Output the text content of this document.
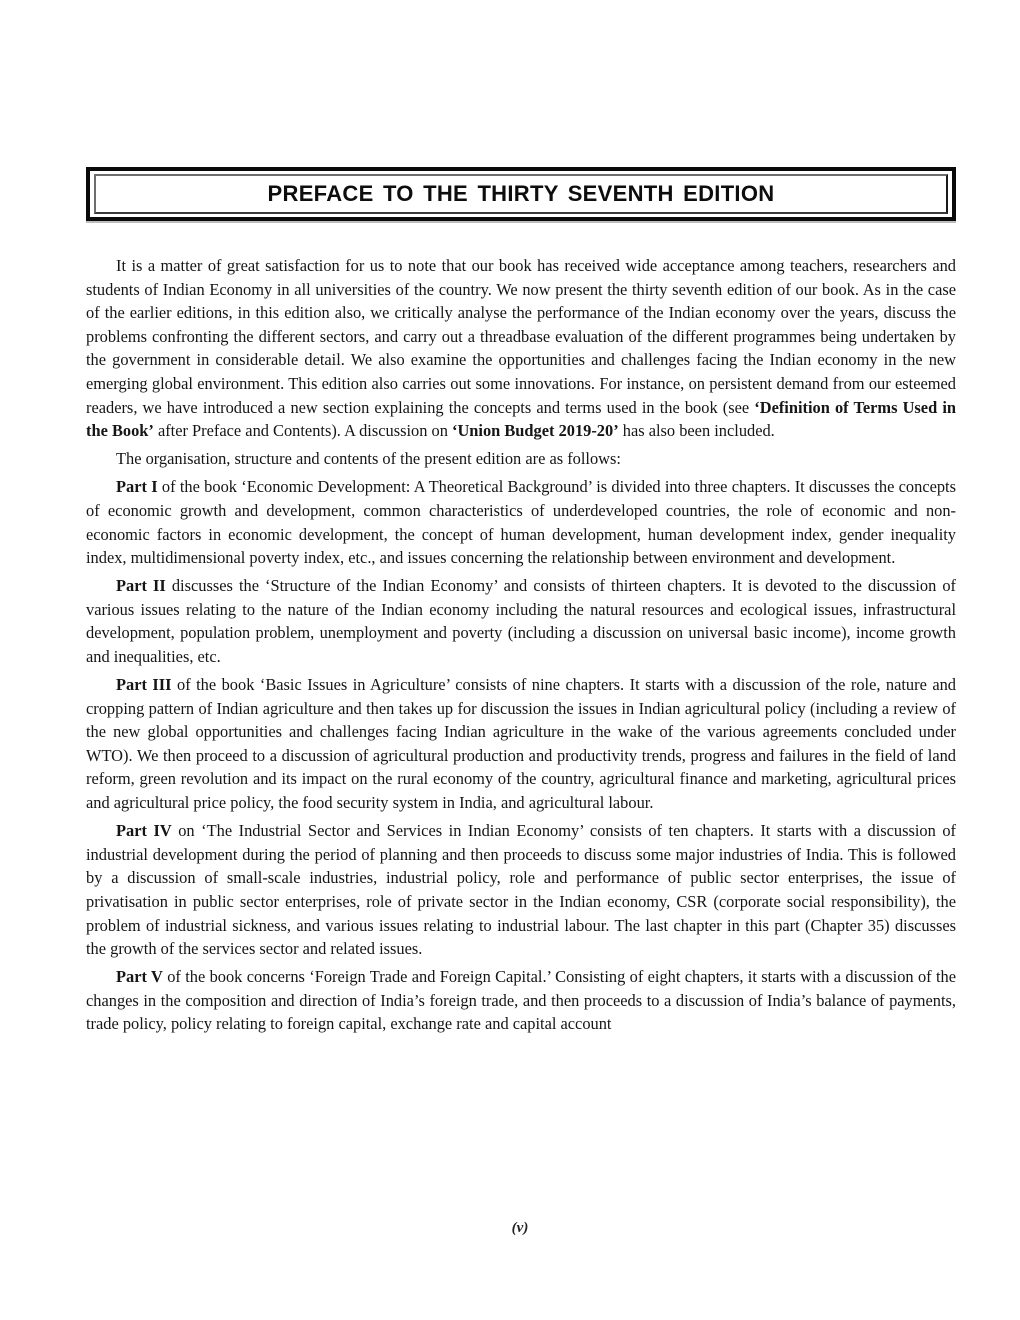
PREFACE TO THE THIRTY SEVENTH EDITION

It is a matter of great satisfaction for us to note that our book has received wide acceptance among teachers, researchers and students of Indian Economy in all universities of the country. We now present the thirty seventh edition of our book. As in the case of the earlier editions, in this edition also, we critically analyse the performance of the Indian economy over the years, discuss the problems confronting the different sectors, and carry out a threadbase evaluation of the different programmes being undertaken by the government in considerable detail. We also examine the opportunities and challenges facing the Indian economy in the new emerging global environment. This edition also carries out some innovations. For instance, on persistent demand from our esteemed readers, we have introduced a new section explaining the concepts and terms used in the book (see ‘Definition of Terms Used in the Book’ after Preface and Contents). A discussion on ‘Union Budget 2019-20’ has also been included.

The organisation, structure and contents of the present edition are as follows:

Part I of the book ‘Economic Development: A Theoretical Background’ is divided into three chapters. It discusses the concepts of economic growth and development, common characteristics of underdeveloped countries, the role of economic and non-economic factors in economic development, the concept of human development, human development index, gender inequality index, multidimensional poverty index, etc., and issues concerning the relationship between environment and development.

Part II discusses the ‘Structure of the Indian Economy’ and consists of thirteen chapters. It is devoted to the discussion of various issues relating to the nature of the Indian economy including the natural resources and ecological issues, infrastructural development, population problem, unemployment and poverty (including a discussion on universal basic income), income growth and inequalities, etc.

Part III of the book ‘Basic Issues in Agriculture’ consists of nine chapters. It starts with a discussion of the role, nature and cropping pattern of Indian agriculture and then takes up for discussion the issues in Indian agricultural policy (including a review of the new global opportunities and challenges facing Indian agriculture in the wake of the various agreements concluded under WTO). We then proceed to a discussion of agricultural production and productivity trends, progress and failures in the field of land reform, green revolution and its impact on the rural economy of the country, agricultural finance and marketing, agricultural prices and agricultural price policy, the food security system in India, and agricultural labour.

Part IV on ‘The Industrial Sector and Services in Indian Economy’ consists of ten chapters. It starts with a discussion of industrial development during the period of planning and then proceeds to discuss some major industries of India. This is followed by a discussion of small-scale industries, industrial policy, role and performance of public sector enterprises, the issue of privatisation in public sector enterprises, role of private sector in the Indian economy, CSR (corporate social responsibility), the problem of industrial sickness, and various issues relating to industrial labour. The last chapter in this part (Chapter 35) discusses the growth of the services sector and related issues.

Part V of the book concerns ‘Foreign Trade and Foreign Capital.’ Consisting of eight chapters, it starts with a discussion of the changes in the composition and direction of India’s foreign trade, and then proceeds to a discussion of India’s balance of payments, trade policy, policy relating to foreign capital, exchange rate and capital account

(v)
